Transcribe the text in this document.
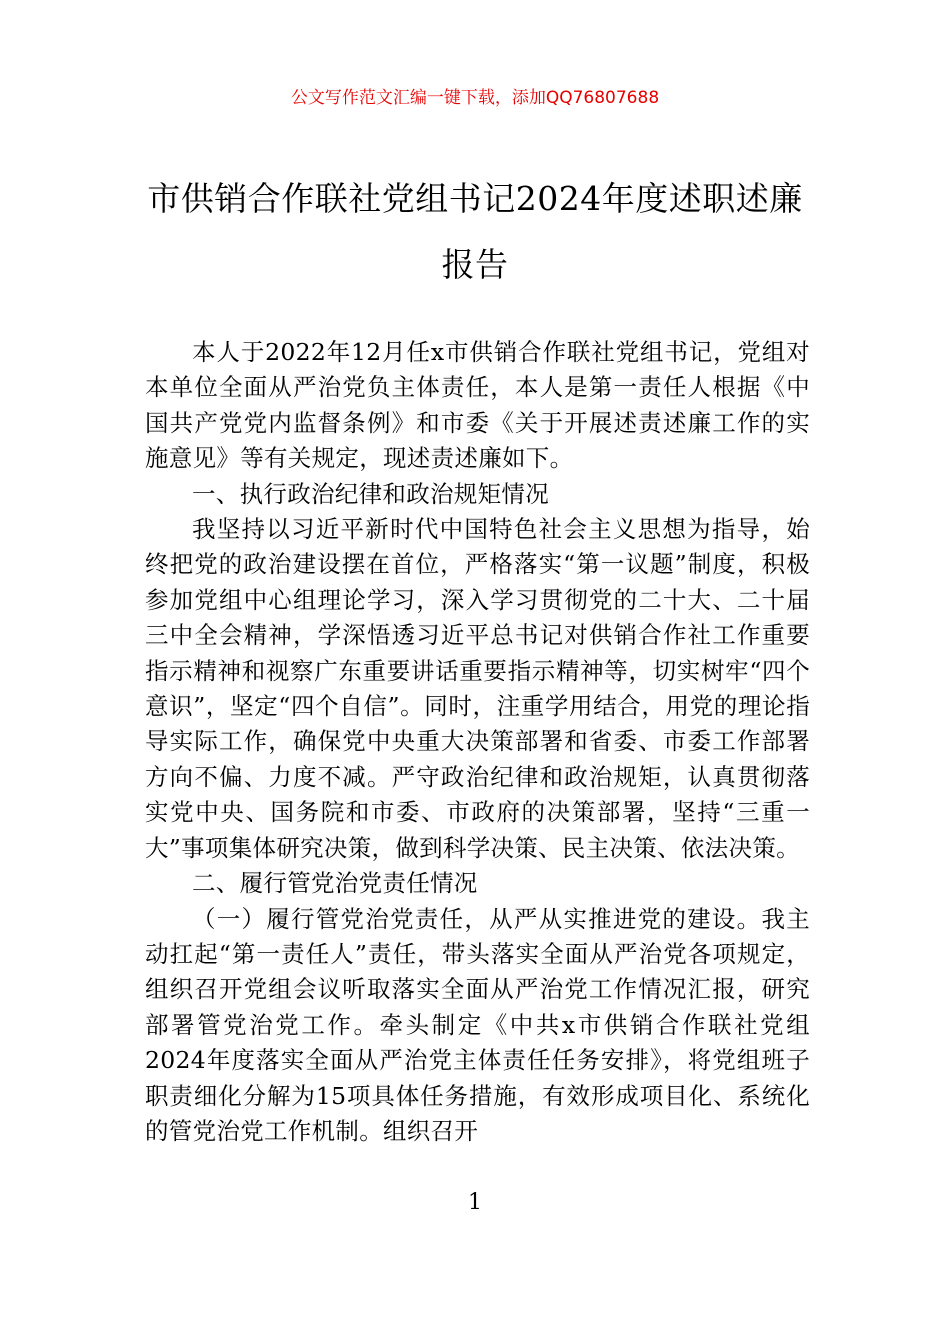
公文写作范文汇编一键下载，添加QQ76807688
市供销合作联社党组书记2024年度述职述廉报告

本人于2022年12月任x市供销合作联社党组书记，党组对本单位全面从严治党负主体责任，本人是第一责任人根据《中国共产党党内监督条例》和市委《关于开展述责述廉工作的实施意见》等有关规定，现述责述廉如下。

一、执行政治纪律和政治规矩情况

我坚持以习近平新时代中国特色社会主义思想为指导，始终把党的政治建设摆在首位，严格落实“第一议题”制度，积极参加党组中心组理论学习，深入学习贯彻党的二十大、二十届三中全会精神，学深悟透习近平总书记对供销合作社工作重要指示精神和视察广东重要讲话重要指示精神等，切实树牢“四个意识”，坚定“四个自信”。同时，注重学用结合，用党的理论指导实际工作，确保党中央重大决策部署和省委、市委工作部署方向不偏、力度不减。严守政治纪律和政治规矩，认真贯彻落实党中央、国务院和市委、市政府的决策部署，坚持“三重一大”事项集体研究决策，做到科学决策、民主决策、依法决策。

二、履行管党治党责任情况

（一）履行管党治党责任，从严从实推进党的建设。我主动扛起“第一责任人”责任，带头落实全面从严治党各项规定，组织召开党组会议听取落实全面从严治党工作情况汇报，研究部署管党治党工作。牵头制定《中共x市供销合作联社党组2024年度落实全面从严治党主体责任任务安排》，将党组班子职责细化分解为15项具体任务措施，有效形成项目化、系统化的管党治党工作机制。组织召开

1
